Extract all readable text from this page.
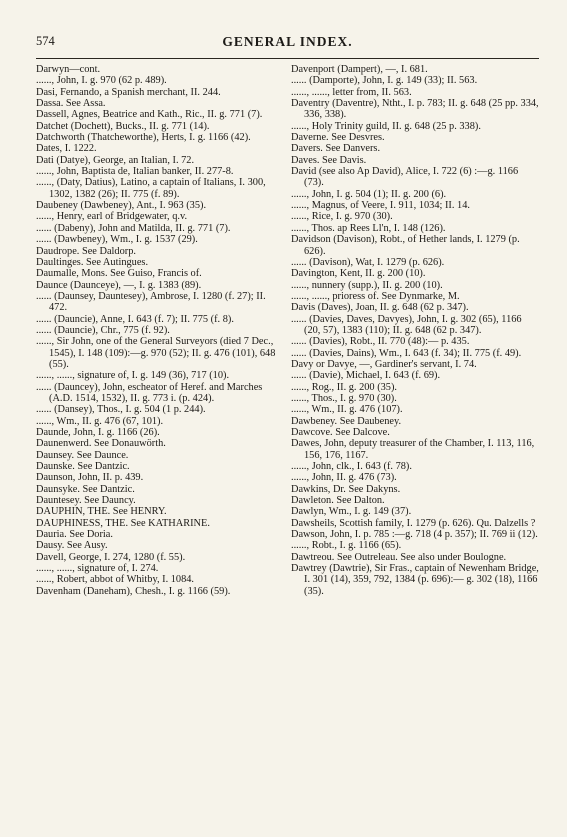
574	GENERAL INDEX.
Darwyn—cont.
......, John, I. g. 970 (62 p. 489).
Dasi, Fernando, a Spanish merchant, II. 244.
Dassa. See Assa.
Dassell, Agnes, Beatrice and Kath., Ric., II. g. 771 (7).
Datchet (Dochett), Bucks., II. g. 771 (14).
Datchworth (Thatcheworthe), Herts, I. g. 1166 (42).
Dates, I. 1222.
Dati (Datye), George, an Italian, I. 72.
......, John, Baptista de, Italian banker, II. 277-8.
......, (Daty, Datius), Latino, a captain of Italians, I. 300, 1302, 1382 (26); II. 775 (f. 89).
Daubeney (Dawbeney), Ant., I. 963 (35).
......, Henry, earl of Bridgewater, q.v.
...... (Dabeny), John and Matilda, II. g. 771 (7).
...... (Dawbeney), Wm., I. g. 1537 (29).
Daudrope. See Daldorp.
Daultinges. See Autingues.
Daumalle, Mons. See Guiso, Francis of.
Daunce (Daunceye), —, I. g. 1383 (89).
...... (Daunsey, Dauntesey), Ambrose, I. 1280 (f. 27); II. 472.
...... (Dauncie), Anne, I. 643 (f. 7); II. 775 (f. 8).
...... (Dauncie), Chr., 775 (f. 92).
......, Sir John, one of the General Surveyors (died 7 Dec., 1545), I. 148 (109):—g. 970 (52); II. g. 476 (101), 648 (55).
......, ......, signature of, I. g. 149 (36), 717 (10).
...... (Dauncey), John, escheator of Heref. and Marches (A.D. 1514, 1532), II. g. 773 i. (p. 424).
...... (Dansey), Thos., I. g. 504 (1 p. 244).
......, Wm., II. g. 476 (67, 101).
Daunde, John, I. g. 1166 (26).
Daunenwerd. See Donauwörth.
Daunsey. See Daunce.
Daunske. See Dantzic.
Daunson, John, II. p. 439.
Daunsyke. See Dantzic.
Dauntesey. See Dauncy.
DAUPHIN, THE. See HENRY.
DAUPHINESS, THE. See KATHARINE.
Dauria. See Doria.
Dausy. See Ausy.
Davell, George, I. 274, 1280 (f. 55).
......, ......, signature of, I. 274.
......, Robert, abbot of Whitby, I. 1084.
Davenham (Daneham), Chesh., I. g. 1166 (59).
Davenport (Dampert), —, I. 681.
...... (Damporte), John, I. g. 149 (33); II. 563.
......, ......, letter from, II. 563.
Daventry (Daventre), Ntht., I. p. 783; II. g. 648 (25 pp. 334, 336, 338).
......, Holy Trinity guild, II. g. 648 (25 p. 338).
Daverne. See Desvres.
Davers. See Danvers.
Daves. See Davis.
David (see also Ap David), Alice, I. 722 (6) :—g. 1166 (73).
......, John, I. g. 504 (1); II. g. 200 (6).
......, Magnus, of Veere, I. 911, 1034; II. 14.
......, Rice, I. g. 970 (30).
......, Thos. ap Rees Ll'n, I. 148 (126).
Davidson (Davison), Robt., of Hether lands, I. 1279 (p. 626).
...... (Davison), Wat, I. 1279 (p. 626).
Davington, Kent, II. g. 200 (10).
......, nunnery (supp.), II. g. 200 (10).
......, ......, prioress of. See Dynmarke, M.
Davis (Daves), Joan, II. g. 648 (62 p. 347).
...... (Davies, Daves, Davyes), John, I. g. 302 (65), 1166 (20, 57), 1383 (110); II. g. 648 (62 p. 347).
...... (Davies), Robt., II. 770 (48):— p. 435.
...... (Davies, Dains), Wm., I. 643 (f. 34); II. 775 (f. 49).
Davy or Davye, —, Gardiner's servant, I. 74.
...... (Davie), Michael, I. 643 (f. 69).
......, Rog., II. g. 200 (35).
......, Thos., I. g. 970 (30).
......, Wm., II. g. 476 (107).
Dawbeney. See Daubeney.
Dawcove. See Dalcove.
Dawes, John, deputy treasurer of the Chamber, I. 113, 116, 156, 176, 1167.
......, John, clk., I. 643 (f. 78).
......, John, II. g. 476 (73).
Dawkins, Dr. See Dakyns.
Dawleton. See Dalton.
Dawlyn, Wm., I. g. 149 (37).
Dawsheils, Scottish family, I. 1279 (p. 626). Qu. Dalzells ?
Dawson, John, I. p. 785 :—g. 718 (4 p. 357); II. 769 ii (12).
......, Robt., I. g. 1166 (65).
Dawtreou. See Outreleau. See also under Boulogne.
Dawtrey (Dawtrie), Sir Fras., captain of Newenham Bridge, I. 301 (14), 359, 792, 1384 (p. 696):— g. 302 (18), 1166 (35).
